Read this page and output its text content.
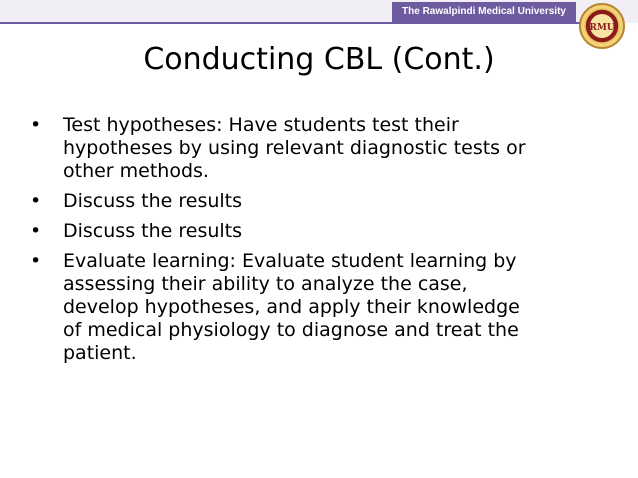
The Rawalpindi Medical University
RMU
Conducting CBL (Cont.)
• Test hypotheses: Have students test their
hypotheses by using relevant diagnostic tests or
other methods.
• Discuss the results
• Discuss the results
• Evaluate learning: Evaluate student learning by
assessing their ability to analyze the case,
develop hypotheses, and apply their knowledge
of medical physiology to diagnose and treat the
patient.
